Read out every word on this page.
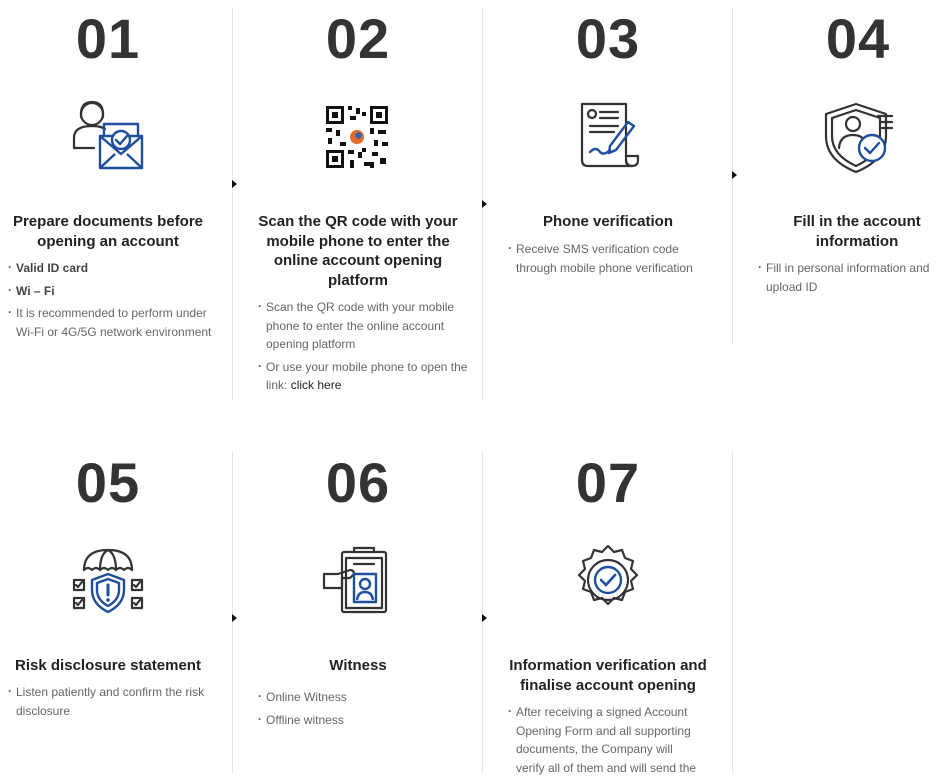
01
Prepare documents before opening an account
· Valid ID card
· Wi – Fi
· It is recommended to perform under Wi-Fi or 4G/5G network environment
02
Scan the QR code with your mobile phone to enter the online account opening platform
· Scan the QR code with your mobile phone to enter the online account opening platform
· Or use your mobile phone to open the link: click here
03
Phone verification
· Receive SMS verification code through mobile phone verification
04
Fill in the account information
· Fill in personal information and upload ID
05
Risk disclosure statement
· Listen patiently and confirm the risk disclosure
06
Witness
· Online Witness
· Offline witness
07
Information verification and finalise account opening
· After receiving a signed Account Opening Form and all supporting documents, the Company will verify all of them and will send the
